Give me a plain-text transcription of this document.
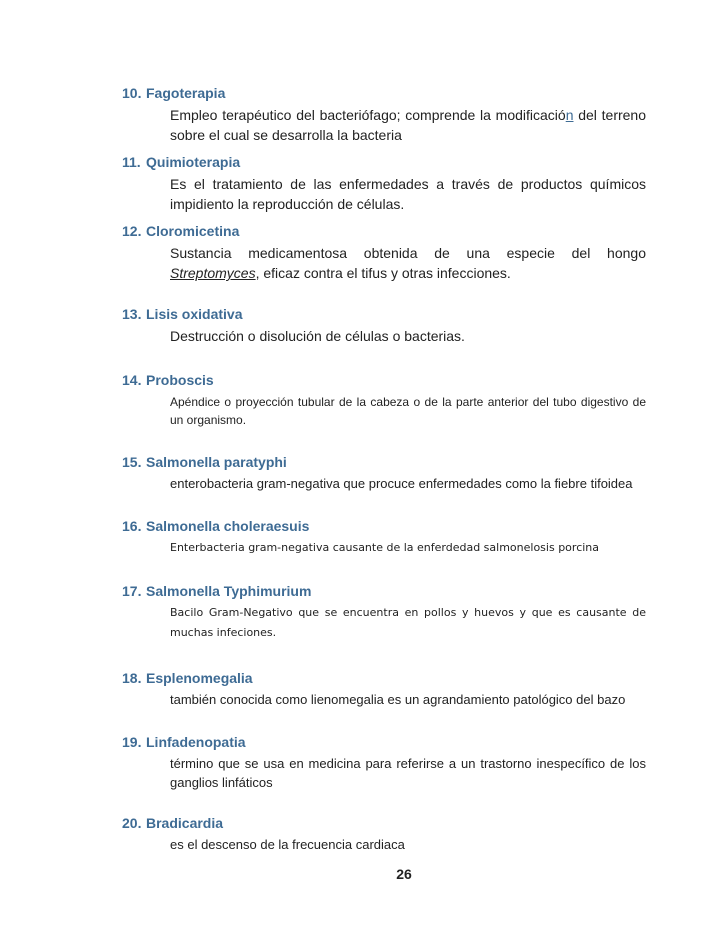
10. Fagoterapia
Empleo terapéutico del bacteriófago; comprende la modificación del terreno sobre el cual se desarrolla la bacteria
11. Quimioterapia
Es el tratamiento de las enfermedades a través de productos químicos impidiento la reproducción de células.
12. Cloromicetina
Sustancia medicamentosa obtenida de una especie del hongo Streptomyces, eficaz contra el tifus y otras infecciones.
13. Lisis oxidativa
Destrucción o disolución de células o bacterias.
14. Proboscis
Apéndice o proyección tubular de la cabeza o de la parte anterior del tubo digestivo de un organismo.
15. Salmonella paratyphi
enterobacteria gram-negativa que procuce enfermedades como la fiebre tifoidea
16. Salmonella choleraesuis
Enterbacteria gram-negativa causante de la enferdedad salmonelosis porcina
17. Salmonella Typhimurium
Bacilo Gram-Negativo que se encuentra en pollos y huevos y que es causante de muchas infeciones.
18. Esplenomegalia
también conocida como lienomegalia es un agrandamiento patológico del bazo
19. Linfadenopatia
término que se usa en medicina para referirse a un trastorno inespecífico de los ganglios linfáticos
20. Bradicardia
es el descenso de la frecuencia cardiaca
26
